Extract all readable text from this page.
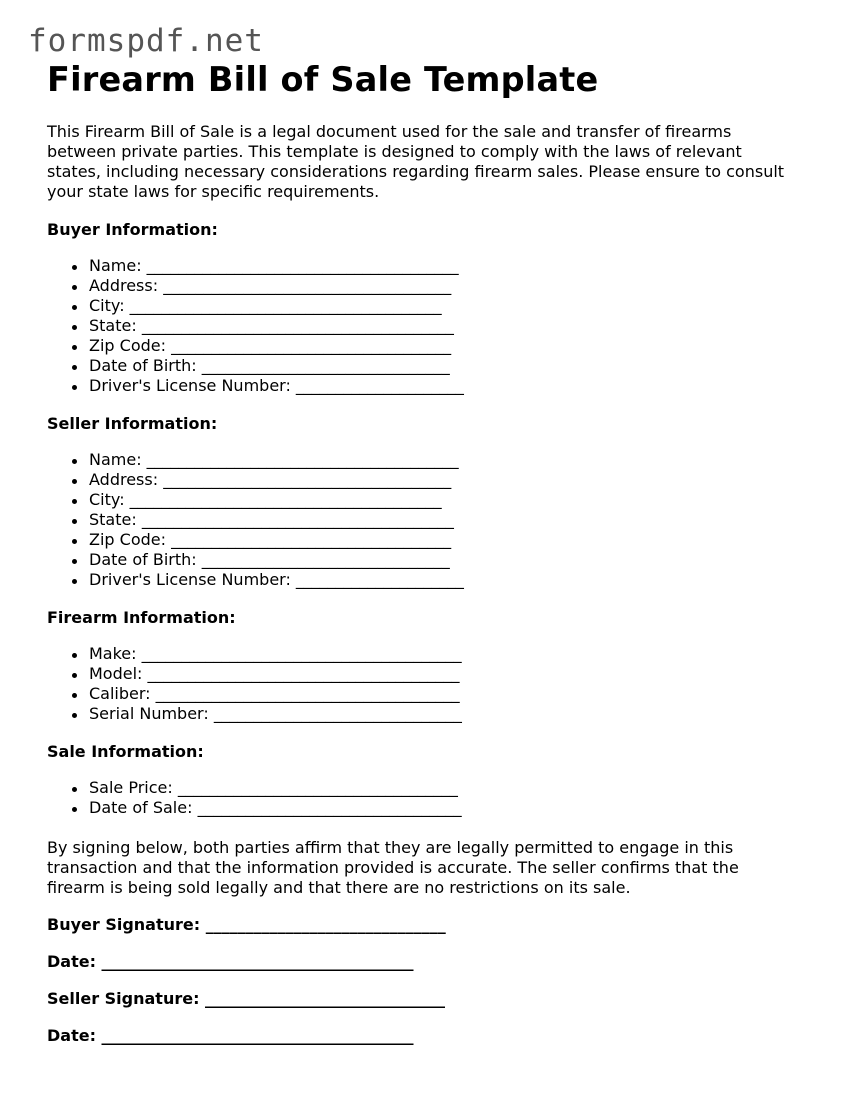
formspdf.net
Firearm Bill of Sale Template

This Firearm Bill of Sale is a legal document used for the sale and transfer of firearms between private parties. This template is designed to comply with the laws of relevant states, including necessary considerations regarding firearm sales. Please ensure to consult your state laws for specific requirements.

Buyer Information:
Name: _______________________________________
Address: ____________________________________
City: _______________________________________
State: _______________________________________
Zip Code: ___________________________________
Date of Birth: _______________________________
Driver's License Number: _____________________
Seller Information:
Name: _______________________________________
Address: ____________________________________
City: _______________________________________
State: _______________________________________
Zip Code: ___________________________________
Date of Birth: _______________________________
Driver's License Number: _____________________
Firearm Information:
Make: ________________________________________
Model: _______________________________________
Caliber: ______________________________________
Serial Number: _______________________________
Sale Information:
Sale Price: ___________________________________
Date of Sale: _________________________________

By signing below, both parties affirm that they are legally permitted to engage in this transaction and that the information provided is accurate. The seller confirms that the firearm is being sold legally and that there are no restrictions on its sale.

Buyer Signature: ______________________________
Date: _______________________________________
Seller Signature: ______________________________
Date: _______________________________________
